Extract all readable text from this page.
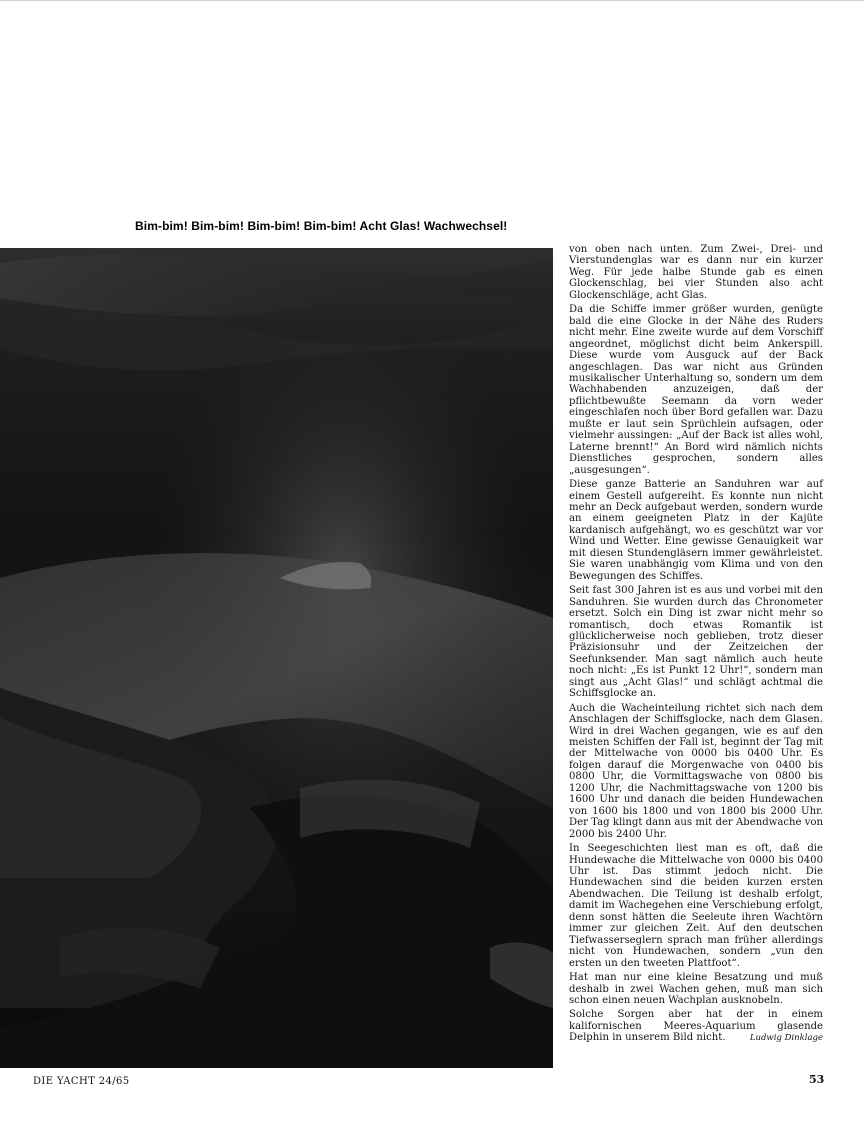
Bim-bim! Bim-bim! Bim-bim! Bim-bim! Acht Glas! Wachwechsel!

von oben nach unten. Zum Zwei-, Drei- und Vierstundenglas war es dann nur ein kurzer Weg. Für jede halbe Stunde gab es einen Glockenschlag, bei vier Stunden also acht Glockenschläge, acht Glas.

Da die Schiffe immer größer wurden, genügte bald die eine Glocke in der Nähe des Ruders nicht mehr. Eine zweite wurde auf dem Vorschiff angeordnet, möglichst dicht beim Ankerspill. Diese wurde vom Ausguck auf der Back angeschlagen. Das war nicht aus Gründen musikalischer Unterhaltung so, sondern um dem Wachhabenden anzuzeigen, daß der pflichtbewußte Seemann da vorn weder eingeschlafen noch über Bord gefallen war. Dazu mußte er laut sein Sprüchlein aufsagen, oder vielmehr aussingen: „Auf der Back ist alles wohl, Laterne brennt!“ An Bord wird nämlich nichts Dienstliches gesprochen, sondern alles „ausgesungen“.

Diese ganze Batterie an Sanduhren war auf einem Gestell aufgereiht. Es konnte nun nicht mehr an Deck aufgebaut werden, sondern wurde an einem geeigneten Platz in der Kajüte kardanisch aufgehängt, wo es geschützt war vor Wind und Wetter. Eine gewisse Genauigkeit war mit diesen Stundengläsern immer gewährleistet. Sie waren unabhängig vom Klima und von den Bewegungen des Schiffes.

Seit fast 300 Jahren ist es aus und vorbei mit den Sanduhren. Sie wurden durch das Chronometer ersetzt. Solch ein Ding ist zwar nicht mehr so romantisch, doch etwas Romantik ist glücklicherweise noch geblieben, trotz dieser Präzisionsuhr und der Zeitzeichen der Seefunksender. Man sagt nämlich auch heute noch nicht: „Es ist Punkt 12 Uhr!“, sondern man singt aus „Acht Glas!“ und schlägt achtmal die Schiffsglocke an.

Auch die Wacheinteilung richtet sich nach dem Anschlagen der Schiffsglocke, nach dem Glasen. Wird in drei Wachen gegangen, wie es auf den meisten Schiffen der Fall ist, beginnt der Tag mit der Mittelwache von 0000 bis 0400 Uhr. Es folgen darauf die Morgenwache von 0400 bis 0800 Uhr, die Vormittagswache von 0800 bis 1200 Uhr, die Nachmittagswache von 1200 bis 1600 Uhr und danach die beiden Hundewachen von 1600 bis 1800 und von 1800 bis 2000 Uhr. Der Tag klingt dann aus mit der Abendwache von 2000 bis 2400 Uhr.

In Seegeschichten liest man es oft, daß die Hundewache die Mittelwache von 0000 bis 0400 Uhr ist. Das stimmt jedoch nicht. Die Hundewachen sind die beiden kurzen ersten Abendwachen. Die Teilung ist deshalb erfolgt, damit im Wachegehen eine Verschiebung erfolgt, denn sonst hätten die Seeleute ihren Wachtörn immer zur gleichen Zeit. Auf den deutschen Tiefwasserseglern sprach man früher allerdings nicht von Hundewachen, sondern „vun den ersten un den tweeten Plattfoot“.

Hat man nur eine kleine Besatzung und muß deshalb in zwei Wachen gehen, muß man sich schon einen neuen Wachplan ausknobeln.

Solche Sorgen aber hat der in einem kalifornischen Meeres-Aquarium glasende Delphin in unserem Bild nicht.	Ludwig Dinklage

DIE YACHT 24/65	53
